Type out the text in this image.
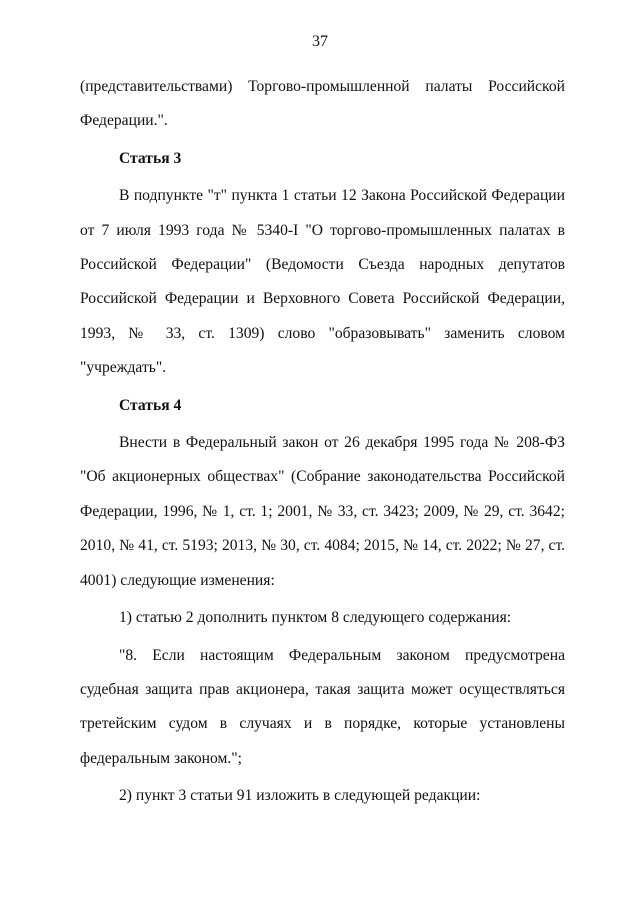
37

(представительствами) Торгово-промышленной палаты Российской Федерации.".

Статья 3

В подпункте "т" пункта 1 статьи 12 Закона Российской Федерации от 7 июля 1993 года № 5340-I "О торгово-промышленных палатах в Российской Федерации" (Ведомости Съезда народных депутатов Российской Федерации и Верховного Совета Российской Федерации, 1993, № 33, ст. 1309) слово "образовывать" заменить словом "учреждать".

Статья 4

Внести в Федеральный закон от 26 декабря 1995 года № 208-ФЗ "Об акционерных обществах" (Собрание законодательства Российской Федерации, 1996, № 1, ст. 1; 2001, № 33, ст. 3423; 2009, № 29, ст. 3642; 2010, № 41, ст. 5193; 2013, № 30, ст. 4084; 2015, № 14, ст. 2022; № 27, ст. 4001) следующие изменения:

1) статью 2 дополнить пунктом 8 следующего содержания:

"8. Если настоящим Федеральным законом предусмотрена судебная защита прав акционера, такая защита может осуществляться третейским судом в случаях и в порядке, которые установлены федеральным законом.";

2) пункт 3 статьи 91 изложить в следующей редакции:
